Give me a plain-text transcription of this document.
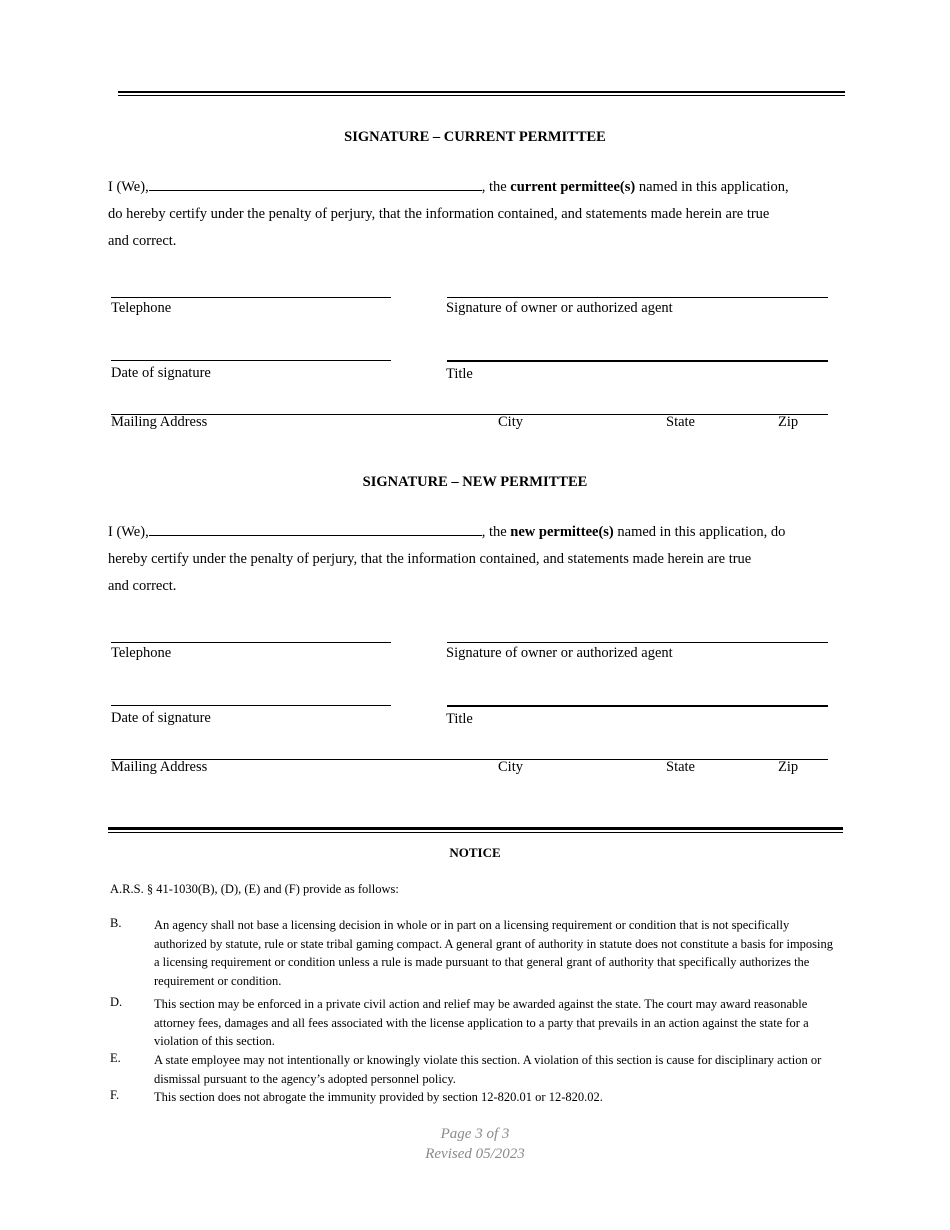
SIGNATURE – CURRENT PERMITTEE
I (We),	, the current permittee(s) named in this application,
do hereby certify under the penalty of perjury, that the information contained, and statements made herein are true
and correct.
Telephone	Signature of owner or authorized agent
Date of signature	Title
Mailing Address	City	State	Zip
SIGNATURE – NEW PERMITTEE
I (We),	, the new permittee(s) named in this application, do
hereby certify under the penalty of perjury, that the information contained, and statements made herein are true
and correct.
Telephone	Signature of owner or authorized agent
Date of signature	Title
Mailing Address	City	State	Zip
NOTICE
A.R.S. § 41-1030(B), (D), (E) and (F) provide as follows:
B.	An agency shall not base a licensing decision in whole or in part on a licensing requirement or condition that is not specifically authorized by statute, rule or state tribal gaming compact. A general grant of authority in statute does not constitute a basis for imposing a licensing requirement or condition unless a rule is made pursuant to that general grant of authority that specifically authorizes the requirement or condition.
D.	This section may be enforced in a private civil action and relief may be awarded against the state. The court may award reasonable attorney fees, damages and all fees associated with the license application to a party that prevails in an action against the state for a violation of this section.
E.	A state employee may not intentionally or knowingly violate this section. A violation of this section is cause for disciplinary action or dismissal pursuant to the agency’s adopted personnel policy.
F.	This section does not abrogate the immunity provided by section 12-820.01 or 12-820.02.
Page 3 of 3
Revised 05/2023
